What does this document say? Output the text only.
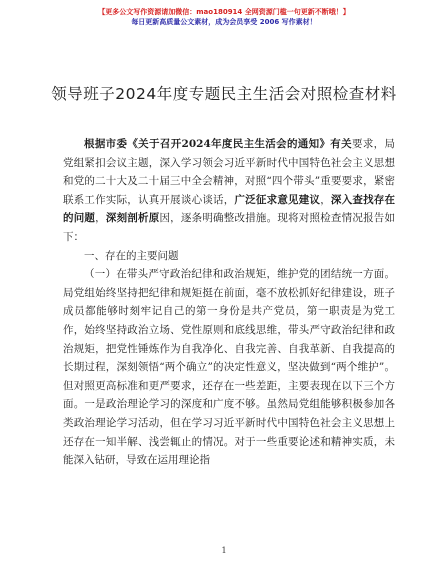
【更多公文写作资源请加微信：mao180914 全网资源门槛一句更新不断哦！】
每日更新高质量公文素材，成为会员享受 2006 写作素材！
领导班子2024年度专题民主生活会对照检查材料

根据市委《关于召开2024年度民主生活会的通知》有关要求，局党组紧扣会议主题，深入学习领会习近平新时代中国特色社会主义思想和党的二十大及二十届三中全会精神，对照“四个带头”重要要求，紧密联系工作实际，认真开展谈心谈话，广泛征求意见建议，深入查找存在的问题，深刻剖析原因，逐条明确整改措施。现将对照检查情况报告如下：

一、存在的主要问题

（一）在带头严守政治纪律和政治规矩，维护党的团结统一方面。局党组始终坚持把纪律和规矩挺在前面，毫不放松抓好纪律建设，班子成员都能够时刻牢记自己的第一身份是共产党员，第一职责是为党工作，始终坚持政治立场、党性原则和底线思维，带头严守政治纪律和政治规矩，把党性锤炼作为自我净化、自我完善、自我革新、自我提高的长期过程，深刻领悟“两个确立”的决定性意义，坚决做到“两个维护”。但对照更高标准和更严要求，还存在一些差距，主要表现在以下三个方面。一是政治理论学习的深度和广度不够。虽然局党组能够积极参加各类政治理论学习活动，但在学习习近平新时代中国特色社会主义思想上还存在一知半解、浅尝辄止的情况。对于一些重要论述和精神实质，未能深入钻研，导致在运用理论指

1
